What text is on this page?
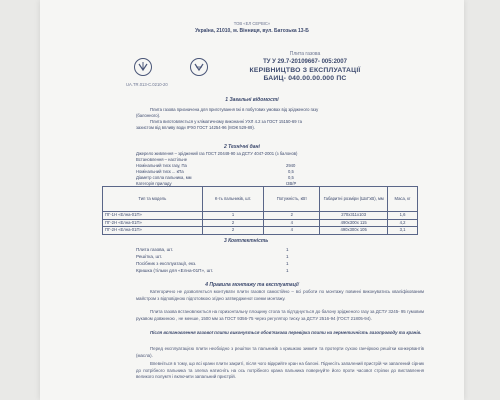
ТОВ «ЕЛ СЕРВІС»
Україна, 21010, м. Вінниця, вул. Батозька 13-Б
UA.TR.013-С.0210-20
Плита газова
ТУ У 29.7-20109667- 005:2007
КЕРІВНИЦТВО З ЕКСПЛУАТАЦІЇ
БАИЦ- 040.00.00.000 ПС
1 Загальні відомості
Плита газова призначена для приготування їжі в побутових умовах від зрідженого газу
(балонного).
Плита виготовляється у кліматичному виконанні УХЛ 4.2 за ГОСТ 15150-69 та
захистом від впливу води IPX0 ГОСТ 14254-96 (МЭК 529-89).
2 Технічні дані
Джерело живлення – зріджений газ ГОСТ 20448-90 за ДСТУ 4047-2001 (з балонов)
Встановлення – настільне
Номінальний тиск газу, Па	2940
Номінальний тиск ... кПа	0,5
Діаметр сопла пальника, мм	0,5
Категорія приладу	I3B/P
Тип та модель	К-ть пальників, шт.	Потужність, кВт	Габаритні розміри (ШхГхВ), мм	Маса, кг
ПГ-1Н «Елна-01П»	1	2	270х311х103	1,6
ПГ-2Н «Елна-01П»	2	4	490х300х 115	4,2
ПГ-2Н «Елна-01П»	2	4	490х300х 105	3,1
3 Комплектність
Плита газова, шт.	1
Решітка, шт.	1
Посібник з експлуатації, екз.	1
Кришка (тільки для «Елна-01П», шт.	1
4 Правила монтажу та експлуатації
Категорично не дозволяється монтувати плити газової самостійно – всі роботи по монтажу повинні виконуватись кваліфікованим майстром з відповідною підготовкою згідно затвердженої схеми монтажу.
Плита газова встановлюється на горизонтальну площину стола та під'єднується до балону зрідженого газу за ДСТУ 3245- 95 гумовим рукавом довжиною , не менше, 1500 мм за ГОСТ 9356-75 через регулятор тиску за ДСТУ 2516-94 (ГОСТ 21805-94).
Після встановлення газової плити виконується обов'язкова перевірка плити на герметичність газопроводу та кранів.
Перед експлуатацією плити необхідно з решітки та пальників з кришкою зимити та протерти сухою ганчіркою решітки конкервантів (масла).
Впевніться в тому, що всі крани плити закриті, після чого відкрийте кран на балоні. Піднесіть запалений пристрій чи запалений сірник до потрібного пальника та злегка натисніть на ось потрібного крана пальника повернуйте його проти часової стрілки до виставлення великого полум'я і включити запальний пристрій.
